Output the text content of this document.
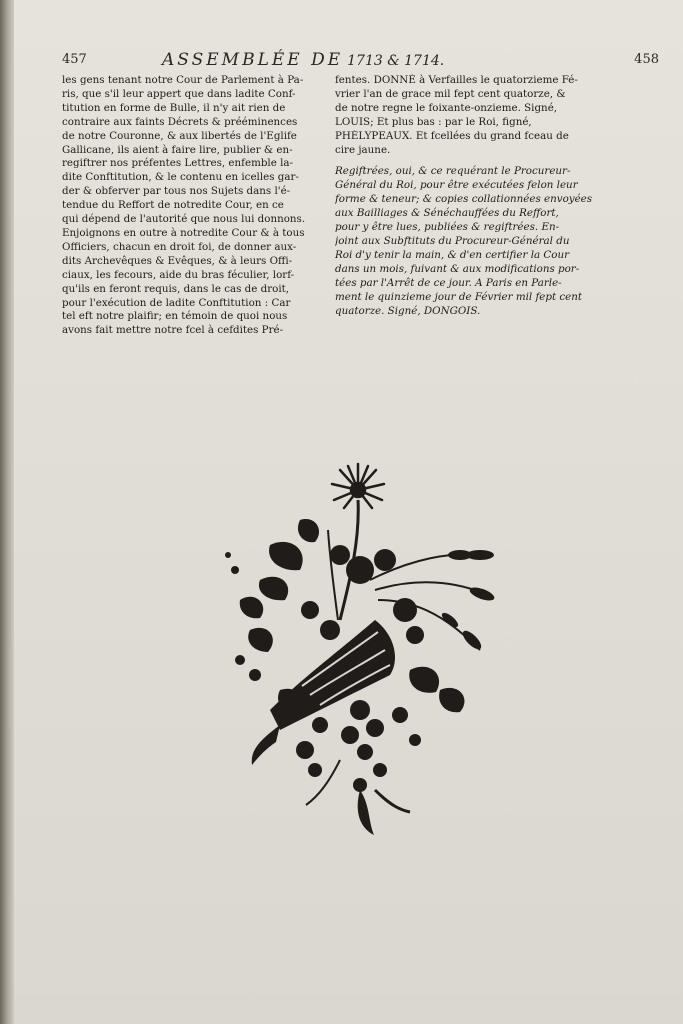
457	ASSEMBLÉE DE 1713 & 1714.	458
les gens tenant notre Cour de Parlement à Pa-
ris, que s'il leur appert que dans ladite Conf-
titution en forme de Bulle, il n'y ait rien de
contraire aux faints Décrets & prééminences
de notre Couronne, & aux libertés de l'Eglife
Gallicane, ils aient à faire lire, publier & en-
regiftrer nos préfentes Lettres, enfemble la-
dite Conftitution, & le contenu en icelles gar-
der & obferver par tous nos Sujets dans l'é-
tendue du Reffort de notredite Cour, en ce
qui dépend de l'autorité que nous lui donnons.
Enjoignons en outre à notredite Cour & à tous
Officiers, chacun en droit foi, de donner aux-
dits Archevêques & Evêques, & à leurs Offi-
ciaux, les fecours, aide du bras féculier, lorf-
qu'ils en feront requis, dans le cas de droit,
pour l'exécution de ladite Conftitution : Car
tel eft notre plaifir; en témoin de quoi nous
avons fait mettre notre fcel à cefdites Pré-
fentes. DONNÉ à Verfailles le quatorzieme Fé-
vrier l'an de grace mil fept cent quatorze, &
de notre regne le foixante-onzieme. Signé,
LOUIS; Et plus bas : par le Roi, figné,
PHÉLYPEAUX. Et fcellées du grand fceau de
cire jaune.
Regiftrées, oui, & ce requérant le Procureur-
Général du Roi, pour être exécutées felon leur
forme & teneur; & copies collationnées envoyées
aux Bailliages & Sénéchauffées du Reffort,
pour y être lues, publiées & regiftrées. En-
joint aux Subftituts du Procureur-Général du
Roi d'y tenir la main, & d'en certifier la Cour
dans un mois, fuivant & aux modifications por-
tées par l'Arrêt de ce jour. A Paris en Parle-
ment le quinzieme jour de Février mil fept cent
quatorze. Signé, DONGOIS.
